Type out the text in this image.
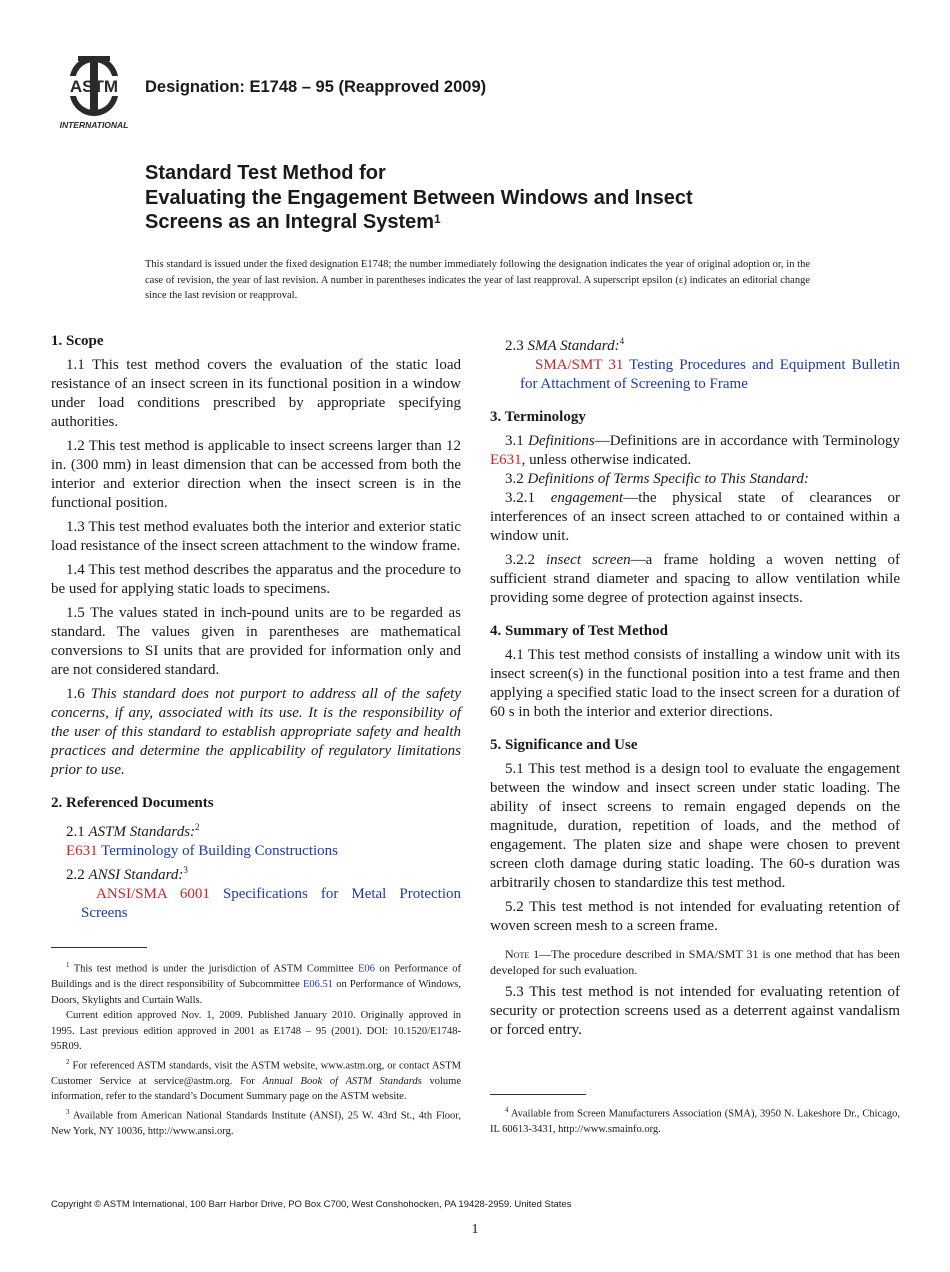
ASTM
INTERNATIONAL
Designation: E1748 – 95 (Reapproved 2009)
Standard Test Method for
Evaluating the Engagement Between Windows and Insect
Screens as an Integral System$^1$
This standard is issued under the fixed designation E1748; the number immediately following the designation indicates the year of original adoption or, in the case of revision, the year of last revision. A number in parentheses indicates the year of last reapproval. A superscript epsilon (ε) indicates an editorial change since the last revision or reapproval.
1. Scope

1.1 This test method covers the evaluation of the static load resistance of an insect screen in its functional position in a window under load conditions prescribed by appropriate specifying authorities.

1.2 This test method is applicable to insect screens larger than 12 in. (300 mm) in least dimension that can be accessed from both the interior and exterior direction when the insect screen is in the functional position.

1.3 This test method evaluates both the interior and exterior static load resistance of the insect screen attachment to the window frame.

1.4 This test method describes the apparatus and the procedure to be used for applying static loads to specimens.

1.5 The values stated in inch-pound units are to be regarded as standard. The values given in parentheses are mathematical conversions to SI units that are provided for information only and are not considered standard.

1.6 This standard does not purport to address all of the safety concerns, if any, associated with its use. It is the responsibility of the user of this standard to establish appropriate safety and health practices and determine the applicability of regulatory limitations prior to use.

2. Referenced Documents

2.1 ASTM Standards:$^2$

E631 Terminology of Building Constructions

2.2 ANSI Standard:$^3$

ANSI/SMA 6001 Specifications for Metal Protection Screens

$^1$ This test method is under the jurisdiction of ASTM Committee E06 on Performance of Buildings and is the direct responsibility of Subcommittee E06.51 on Performance of Windows, Doors, Skylights and Curtain Walls.

Current edition approved Nov. 1, 2009. Published January 2010. Originally approved in 1995. Last previous edition approved in 2001 as E1748 – 95 (2001). DOI: 10.1520/E1748-95R09.

$^2$ For referenced ASTM standards, visit the ASTM website, www.astm.org, or contact ASTM Customer Service at service@astm.org. For Annual Book of ASTM Standards volume information, refer to the standard’s Document Summary page on the ASTM website.

$^3$ Available from American National Standards Institute (ANSI), 25 W. 43rd St., 4th Floor, New York, NY 10036, http://www.ansi.org.

2.3 SMA Standard:$^4$

SMA/SMT 31 Testing Procedures and Equipment Bulletin for Attachment of Screening to Frame

3. Terminology

3.1 Definitions—Definitions are in accordance with Terminology E631, unless otherwise indicated.

3.2 Definitions of Terms Specific to This Standard:

3.2.1 engagement—the physical state of clearances or interferences of an insect screen attached to or contained within a window unit.

3.2.2 insect screen—a frame holding a woven netting of sufficient strand diameter and spacing to allow ventilation while providing some degree of protection against insects.

4. Summary of Test Method

4.1 This test method consists of installing a window unit with its insect screen(s) in the functional position into a test frame and then applying a specified static load to the insect screen for a duration of 60 s in both the interior and exterior directions.

5. Significance and Use

5.1 This test method is a design tool to evaluate the engagement between the window and insect screen under static loading. The ability of insect screens to remain engaged depends on the magnitude, duration, repetition of loads, and the method of engagement. The platen size and shape were chosen to prevent screen cloth damage during static loading. The 60-s duration was arbitrarily chosen to standardize this test method.

5.2 This test method is not intended for evaluating retention of woven screen mesh to a screen frame.

Note 1—The procedure described in SMA/SMT 31 is one method that has been developed for such evaluation.

5.3 This test method is not intended for evaluating retention of security or protection screens used as a deterrent against vandalism or forced entry.

$^4$ Available from Screen Manufacturers Association (SMA), 3950 N. Lakeshore Dr., Chicago, IL 60613-3431, http://www.smainfo.org.

Copyright © ASTM International, 100 Barr Harbor Drive, PO Box C700, West Conshohocken, PA 19428-2959. United States
1
